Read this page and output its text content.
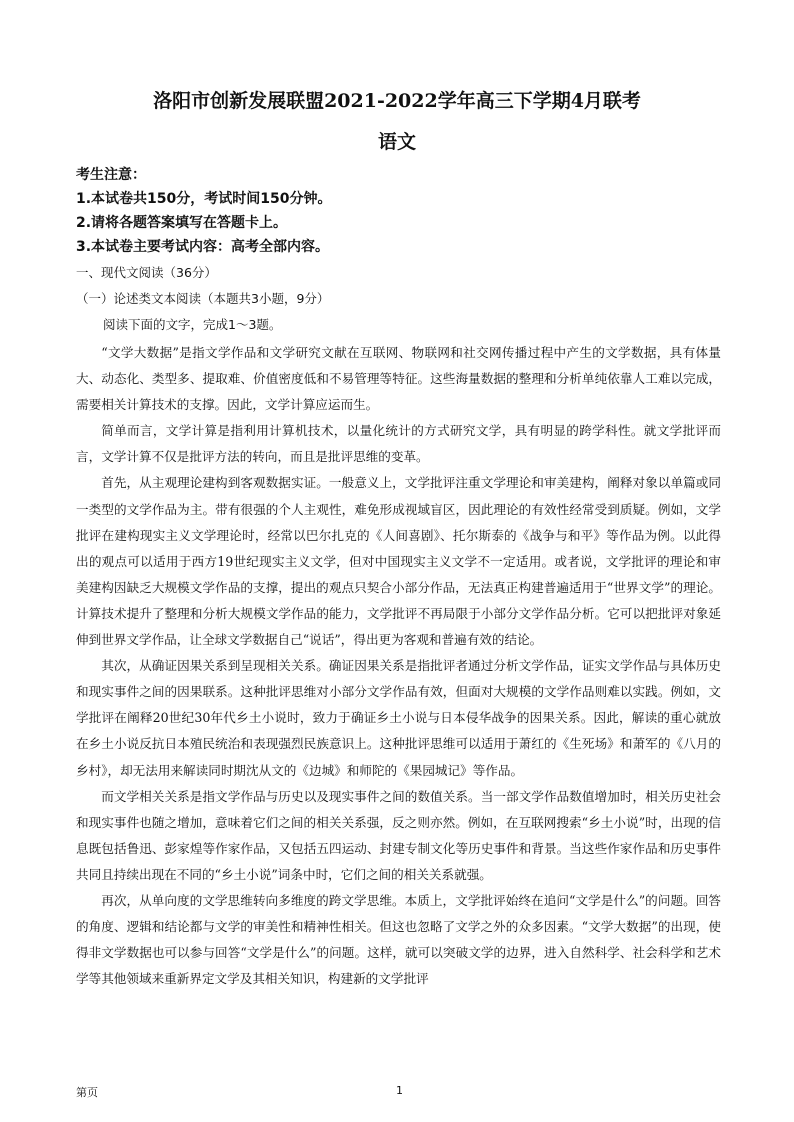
洛阳市创新发展联盟2021-2022学年高三下学期4月联考
语文
考生注意：
1.本试卷共150分，考试时间150分钟。
2.请将各题答案填写在答题卡上。
3.本试卷主要考试内容：高考全部内容。
一、现代文阅读（36分）
（一）论述类文本阅读（本题共3小题，9分）
阅读下面的文字，完成1～3题。

“文学大数据”是指文学作品和文学研究文献在互联网、物联网和社交网传播过程中产生的文学数据，具有体量大、动态化、类型多、提取难、价值密度低和不易管理等特征。这些海量数据的整理和分析单纯依靠人工难以完成，需要相关计算技术的支撑。因此，文学计算应运而生。

简单而言，文学计算是指利用计算机技术，以量化统计的方式研究文学，具有明显的跨学科性。就文学批评而言，文学计算不仅是批评方法的转向，而且是批评思维的变革。

首先，从主观理论建构到客观数据实证。一般意义上，文学批评注重文学理论和审美建构，阐释对象以单篇或同一类型的文学作品为主。带有很强的个人主观性，难免形成视域盲区，因此理论的有效性经常受到质疑。例如，文学批评在建构现实主义文学理论时，经常以巴尔扎克的《人间喜剧》、托尔斯泰的《战争与和平》等作品为例。以此得出的观点可以适用于西方19世纪现实主义文学，但对中国现实主义文学不一定适用。或者说，文学批评的理论和审美建构因缺乏大规模文学作品的支撑，提出的观点只契合小部分作品，无法真正构建普遍适用于“世界文学”的理论。计算技术提升了整理和分析大规模文学作品的能力，文学批评不再局限于小部分文学作品分析。它可以把批评对象延伸到世界文学作品，让全球文学数据自己“说话”，得出更为客观和普遍有效的结论。

其次，从确证因果关系到呈现相关关系。确证因果关系是指批评者通过分析文学作品，证实文学作品与具体历史和现实事件之间的因果联系。这种批评思维对小部分文学作品有效，但面对大规模的文学作品则难以实践。例如，文学批评在阐释20世纪30年代乡土小说时，致力于确证乡土小说与日本侵华战争的因果关系。因此，解读的重心就放在乡土小说反抗日本殖民统治和表现强烈民族意识上。这种批评思维可以适用于萧红的《生死场》和萧军的《八月的乡村》，却无法用来解读同时期沈从文的《边城》和师陀的《果园城记》等作品。

而文学相关关系是指文学作品与历史以及现实事件之间的数值关系。当一部文学作品数值增加时，相关历史社会和现实事件也随之增加，意味着它们之间的相关关系强，反之则亦然。例如，在互联网搜索“乡土小说”时，出现的信息既包括鲁迅、彭家煌等作家作品，又包括五四运动、封建专制文化等历史事件和背景。当这些作家作品和历史事件共同且持续出现在不同的“乡土小说”词条中时，它们之间的相关关系就强。

再次，从单向度的文学思维转向多维度的跨文学思维。本质上，文学批评始终在追问“文学是什么”的问题。回答的角度、逻辑和结论都与文学的审美性和精神性相关。但这也忽略了文学之外的众多因素。“文学大数据”的出现，使得非文学数据也可以参与回答“文学是什么”的问题。这样，就可以突破文学的边界，进入自然科学、社会科学和艺术学等其他领域来重新界定文学及其相关知识，构建新的文学批评

第页	1
